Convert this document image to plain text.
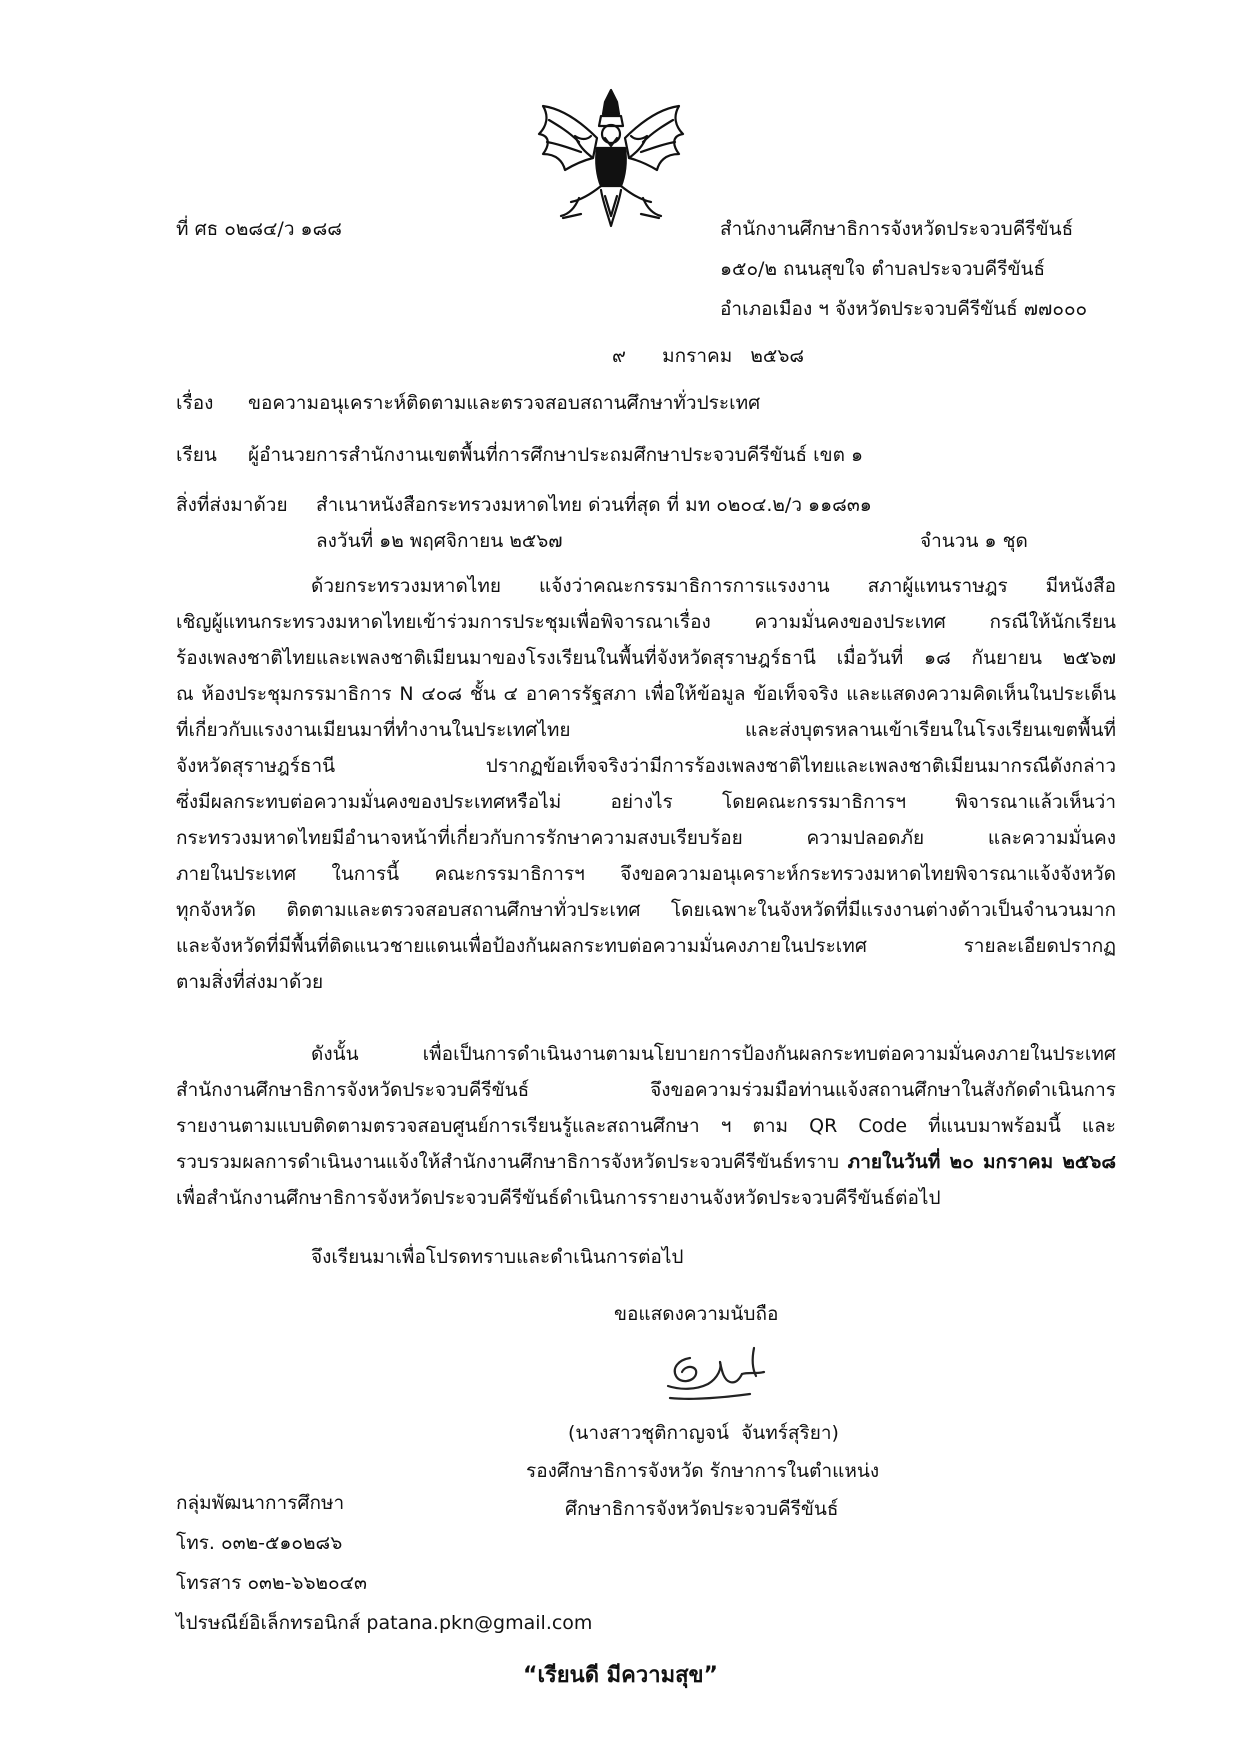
ที่ ศธ ๐๒๘๔/ว ๑๘๘	สำนักงานศึกษาธิการจังหวัดประจวบคีรีขันธ์
๑๕๐/๒ ถนนสุขใจ ตำบลประจวบคีรีขันธ์
อำเภอเมือง ฯ จังหวัดประจวบคีรีขันธ์ ๗๗๐๐๐
๙      มกราคม   ๒๕๖๘
เรื่อง ขอความอนุเคราะห์ติดตามและตรวจสอบสถานศึกษาทั่วประเทศ
เรียน ผู้อำนวยการสำนักงานเขตพื้นที่การศึกษาประถมศึกษาประจวบคีรีขันธ์ เขต ๑
สิ่งที่ส่งมาด้วย สำเนาหนังสือกระทรวงมหาดไทย ด่วนที่สุด ที่ มท ๐๒๐๔.๒/ว ๑๑๘๓๑
ลงวันที่ ๑๒ พฤศจิกายน ๒๕๖๗	จำนวน ๑ ชุด

ด้วยกระทรวงมหาดไทย แจ้งว่าคณะกรรมาธิการการแรงงาน สภาผู้แทนราษฎร มีหนังสือ

เชิญผู้แทนกระทรวงมหาดไทยเข้าร่วมการประชุมเพื่อพิจารณาเรื่อง ความมั่นคงของประเทศ กรณีให้นักเรียน

ร้องเพลงชาติไทยและเพลงชาติเมียนมาของโรงเรียนในพื้นที่จังหวัดสุราษฎร์ธานี เมื่อวันที่ ๑๘ กันยายน ๒๕๖๗

ณ ห้องประชุมกรรมาธิการ N ๔๐๘ ชั้น ๔ อาคารรัฐสภา เพื่อให้ข้อมูล ข้อเท็จจริง และแสดงความคิดเห็นในประเด็น

ที่เกี่ยวกับแรงงานเมียนมาที่ทำงานในประเทศไทย และส่งบุตรหลานเข้าเรียนในโรงเรียนเขตพื้นที่

จังหวัดสุราษฎร์ธานี ปรากฏข้อเท็จจริงว่ามีการร้องเพลงชาติไทยและเพลงชาติเมียนมากรณีดังกล่าว

ซึ่งมีผลกระทบต่อความมั่นคงของประเทศหรือไม่ อย่างไร โดยคณะกรรมาธิการฯ พิจารณาแล้วเห็นว่า

กระทรวงมหาดไทยมีอำนาจหน้าที่เกี่ยวกับการรักษาความสงบเรียบร้อย ความปลอดภัย และความมั่นคง

ภายในประเทศ ในการนี้ คณะกรรมาธิการฯ จึงขอความอนุเคราะห์กระทรวงมหาดไทยพิจารณาแจ้งจังหวัด

ทุกจังหวัด ติดตามและตรวจสอบสถานศึกษาทั่วประเทศ โดยเฉพาะในจังหวัดที่มีแรงงานต่างด้าวเป็นจำนวนมาก

และจังหวัดที่มีพื้นที่ติดแนวชายแดนเพื่อป้องกันผลกระทบต่อความมั่นคงภายในประเทศ รายละเอียดปรากฏ

ตามสิ่งที่ส่งมาด้วย

ดังนั้น เพื่อเป็นการดำเนินงานตามนโยบายการป้องกันผลกระทบต่อความมั่นคงภายในประเทศ

สำนักงานศึกษาธิการจังหวัดประจวบคีรีขันธ์ จึงขอความร่วมมือท่านแจ้งสถานศึกษาในสังกัดดำเนินการ

รายงานตามแบบติดตามตรวจสอบศูนย์การเรียนรู้และสถานศึกษา ฯ ตาม QR Code ที่แนบมาพร้อมนี้ และ

รวบรวมผลการดำเนินงานแจ้งให้สำนักงานศึกษาธิการจังหวัดประจวบคีรีขันธ์ทราบ ภายในวันที่ ๒๐ มกราคม ๒๕๖๘

เพื่อสำนักงานศึกษาธิการจังหวัดประจวบคีรีขันธ์ดำเนินการรายงานจังหวัดประจวบคีรีขันธ์ต่อไป

จึงเรียนมาเพื่อโปรดทราบและดำเนินการต่อไป
ขอแสดงความนับถือ
(นางสาวชุติกาญจน์  จันทร์สุริยา)
รองศึกษาธิการจังหวัด รักษาการในตำแหน่ง
ศึกษาธิการจังหวัดประจวบคีรีขันธ์
กลุ่มพัฒนาการศึกษา
โทร. ๐๓๒-๕๑๐๒๘๖
โทรสาร ๐๓๒-๖๖๒๐๔๓
ไปรษณีย์อิเล็กทรอนิกส์ patana.pkn@gmail.com
“เรียนดี มีความสุข”
